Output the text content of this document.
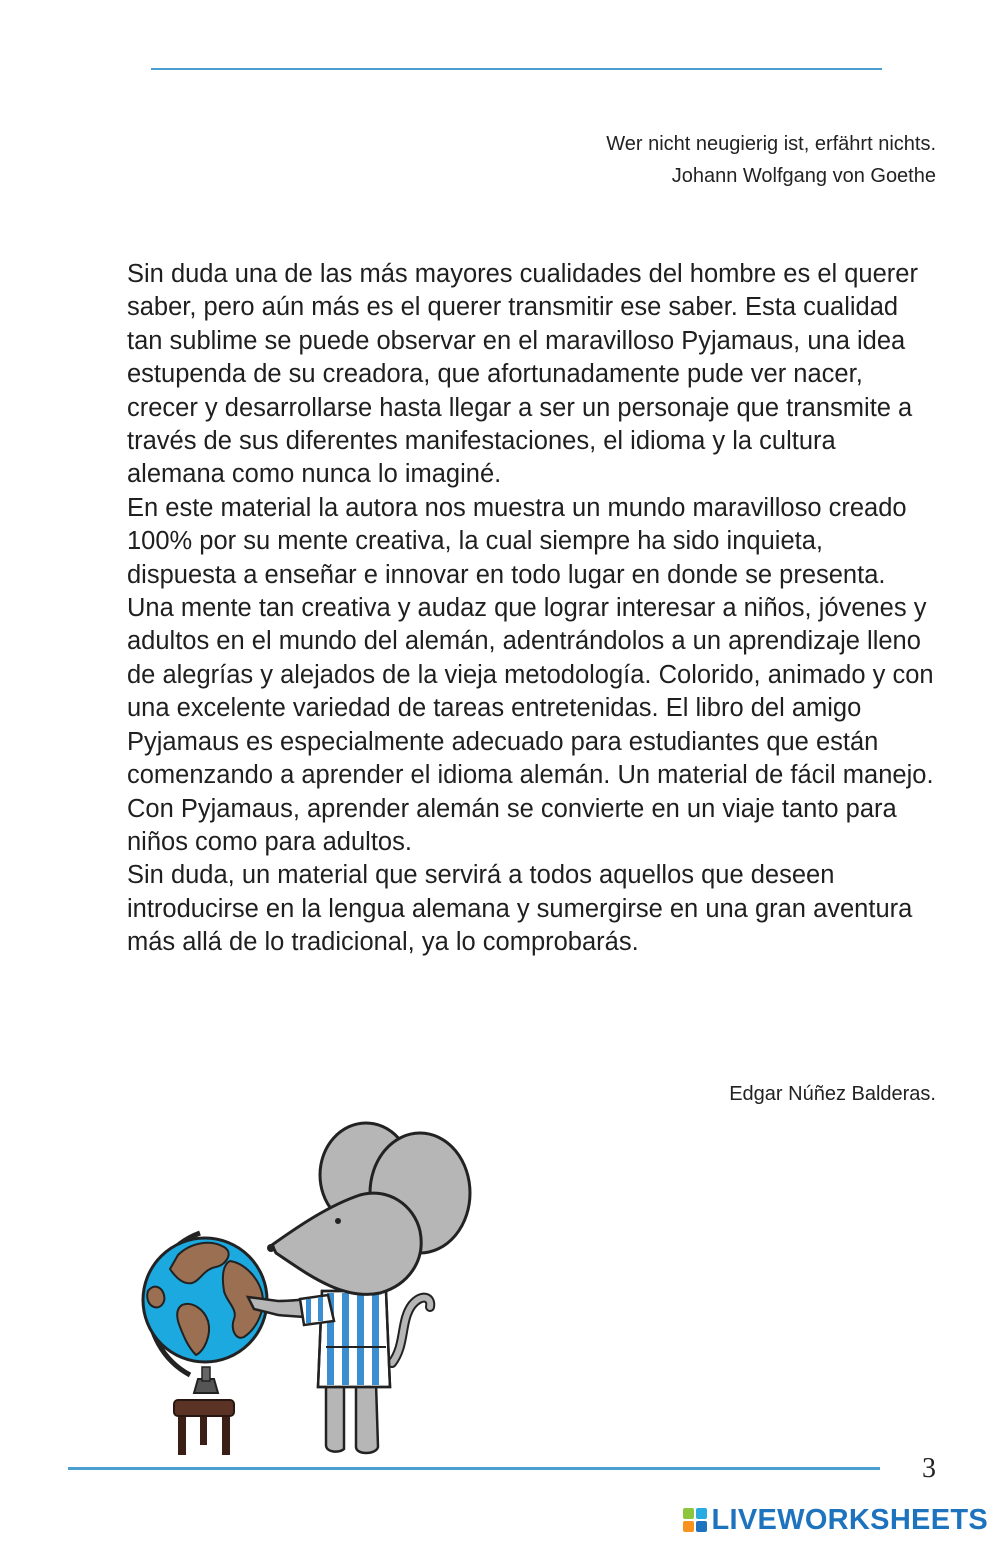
Wer nicht neugierig ist, erfährt nichts.
Johann Wolfgang von Goethe

Sin duda una de las más mayores cualidades del hombre es el querer saber, pero aún más es el querer transmitir ese saber. Esta cualidad tan sublime se puede observar en el maravilloso Pyjamaus, una idea estupenda de su creadora, que afortunadamente pude ver nacer, crecer y desarrollarse hasta llegar a ser un personaje que transmite a través de sus diferentes manifestaciones, el idioma y la cultura alemana como nunca lo imaginé.

En este material la autora nos muestra un mundo maravilloso creado 100% por su mente creativa, la cual siempre ha sido inquieta, dispuesta a enseñar e innovar en todo lugar en donde se presenta.

Una mente tan creativa y audaz que lograr interesar a niños, jóvenes y adultos en el mundo del alemán, adentrándolos a un aprendizaje lleno de alegrías y alejados de la vieja metodología. Colorido, animado y con una excelente variedad de tareas entretenidas. El libro del amigo Pyjamaus es especialmente adecuado para estudiantes que están comenzando a aprender el idioma alemán. Un material de fácil manejo. Con Pyjamaus, aprender alemán se convierte en un viaje tanto para niños como para adultos.

Sin duda, un material que servirá a todos aquellos que deseen introducirse en la lengua alemana y sumergirse en una gran aventura más allá de lo tradicional, ya lo comprobarás.

Edgar Núñez Balderas.
3
LIVEWORKSHEETS
